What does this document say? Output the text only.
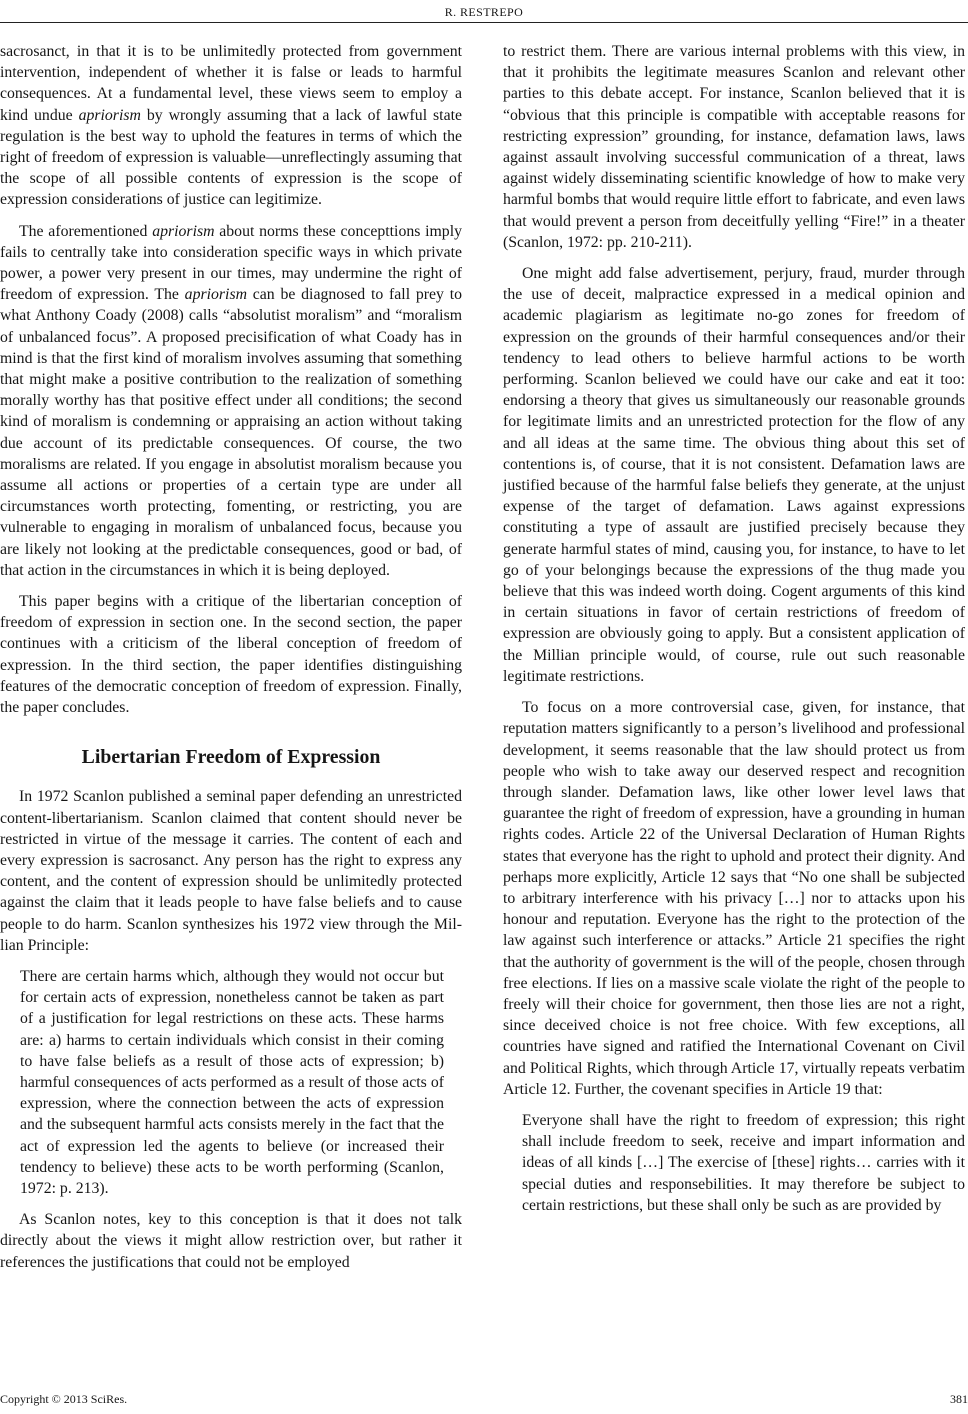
R. RESTREPO

sacrosanct, in that it is to be unlimitedly protected from government intervention, independent of whether it is false or leads to harmful consequences. At a fundamental level, these views seem to employ a kind undue apriorism by wrongly assuming that a lack of lawful state regulation is the best way to uphold the features in terms of which the right of freedom of expression is valuable—unreflectingly assuming that the scope of all possible contents of expression is the scope of expression considerations of justice can legitimize.

The aforementioned apriorism about norms these concepttions imply fails to centrally take into consideration specific ways in which private power, a power very present in our times, may undermine the right of freedom of expression. The apriorism can be diagnosed to fall prey to what Anthony Coady (2008) calls “absolutist moralism” and “moralism of unbalanced focus”. A proposed precisification of what Coady has in mind is that the first kind of moralism involves assuming that something that might make a positive contribution to the realization of something morally worthy has that positive effect under all conditions; the second kind of moralism is condemning or appraising an action without taking due account of its predictable consequences. Of course, the two moralisms are related. If you engage in absolutist moralism because you assume all actions or properties of a certain type are under all circumstances worth protecting, fomenting, or restricting, you are vulnerable to engaging in moralism of unbalanced focus, because you are likely not looking at the predictable consequences, good or bad, of that action in the circumstances in which it is being deployed.

This paper begins with a critique of the libertarian conception of freedom of expression in section one. In the second section, the paper continues with a criticism of the liberal conception of freedom of expression. In the third section, the paper identifies distinguishing features of the democratic conception of freedom of expression. Finally, the paper concludes.

Libertarian Freedom of Expression

In 1972 Scanlon published a seminal paper defending an unrestricted content-libertarianism. Scanlon claimed that content should never be restricted in virtue of the message it carries. The content of each and every expression is sacrosanct. Any person has the right to express any content, and the content of expression should be unlimitedly protected against the claim that it leads people to have false beliefs and to cause people to do harm. Scanlon synthesizes his 1972 view through the Millian Principle:

There are certain harms which, although they would not occur but for certain acts of expression, nonetheless cannot be taken as part of a justification for legal restrictions on these acts. These harms are: a) harms to certain individuals which consist in their coming to have false beliefs as a result of those acts of expression; b) harmful consequences of acts performed as a result of those acts of expression, where the connection between the acts of expression and the subsequent harmful acts consists merely in the fact that the act of expression led the agents to believe (or increased their tendency to believe) these acts to be worth performing (Scanlon, 1972: p. 213).

As Scanlon notes, key to this conception is that it does not talk directly about the views it might allow restriction over, but rather it references the justifications that could not be employed

to restrict them. There are various internal problems with this view, in that it prohibits the legitimate measures Scanlon and relevant other parties to this debate accept. For instance, Scanlon believed that it is “obvious that this principle is compatible with acceptable reasons for restricting expression” grounding, for instance, defamation laws, laws against assault involving successful communication of a threat, laws against widely disseminating scientific knowledge of how to make very harmful bombs that would require little effort to fabricate, and even laws that would prevent a person from deceitfully yelling “Fire!” in a theater (Scanlon, 1972: pp. 210-211).

One might add false advertisement, perjury, fraud, murder through the use of deceit, malpractice expressed in a medical opinion and academic plagiarism as legitimate no-go zones for freedom of expression on the grounds of their harmful consequences and/or their tendency to lead others to believe harmful actions to be worth performing. Scanlon believed we could have our cake and eat it too: endorsing a theory that gives us simultaneously our reasonable grounds for legitimate limits and an unrestricted protection for the flow of any and all ideas at the same time. The obvious thing about this set of contentions is, of course, that it is not consistent. Defamation laws are justified because of the harmful false beliefs they generate, at the unjust expense of the target of defamation. Laws against expressions constituting a type of assault are justified precisely because they generate harmful states of mind, causing you, for instance, to have to let go of your belongings because the expressions of the thug made you believe that this was indeed worth doing. Cogent arguments of this kind in certain situations in favor of certain restrictions of freedom of expression are obviously going to apply. But a consistent application of the Millian principle would, of course, rule out such reasonable legitimate restrictions.

To focus on a more controversial case, given, for instance, that reputation matters significantly to a person’s livelihood and professional development, it seems reasonable that the law should protect us from people who wish to take away our deserved respect and recognition through slander. Defamation laws, like other lower level laws that guarantee the right of freedom of expression, have a grounding in human rights codes. Article 22 of the Universal Declaration of Human Rights states that everyone has the right to uphold and protect their dignity. And perhaps more explicitly, Article 12 says that “No one shall be subjected to arbitrary interference with his privacy […] nor to attacks upon his honour and reputation. Everyone has the right to the protection of the law against such interference or attacks.” Article 21 specifies the right that the authority of government is the will of the people, chosen through free elections. If lies on a massive scale violate the right of the people to freely will their choice for government, then those lies are not a right, since deceived choice is not free choice. With few exceptions, all countries have signed and ratified the International Covenant on Civil and Political Rights, which through Article 17, virtually repeats verbatim Article 12. Further, the covenant specifies in Article 19 that:

Everyone shall have the right to freedom of expression; this right shall include freedom to seek, receive and impart information and ideas of all kinds […] The exercise of [these] rights… carries with it special duties and responsebilities. It may therefore be subject to certain restrictions, but these shall only be such as are provided by

Copyright © 2013 SciRes.	381
